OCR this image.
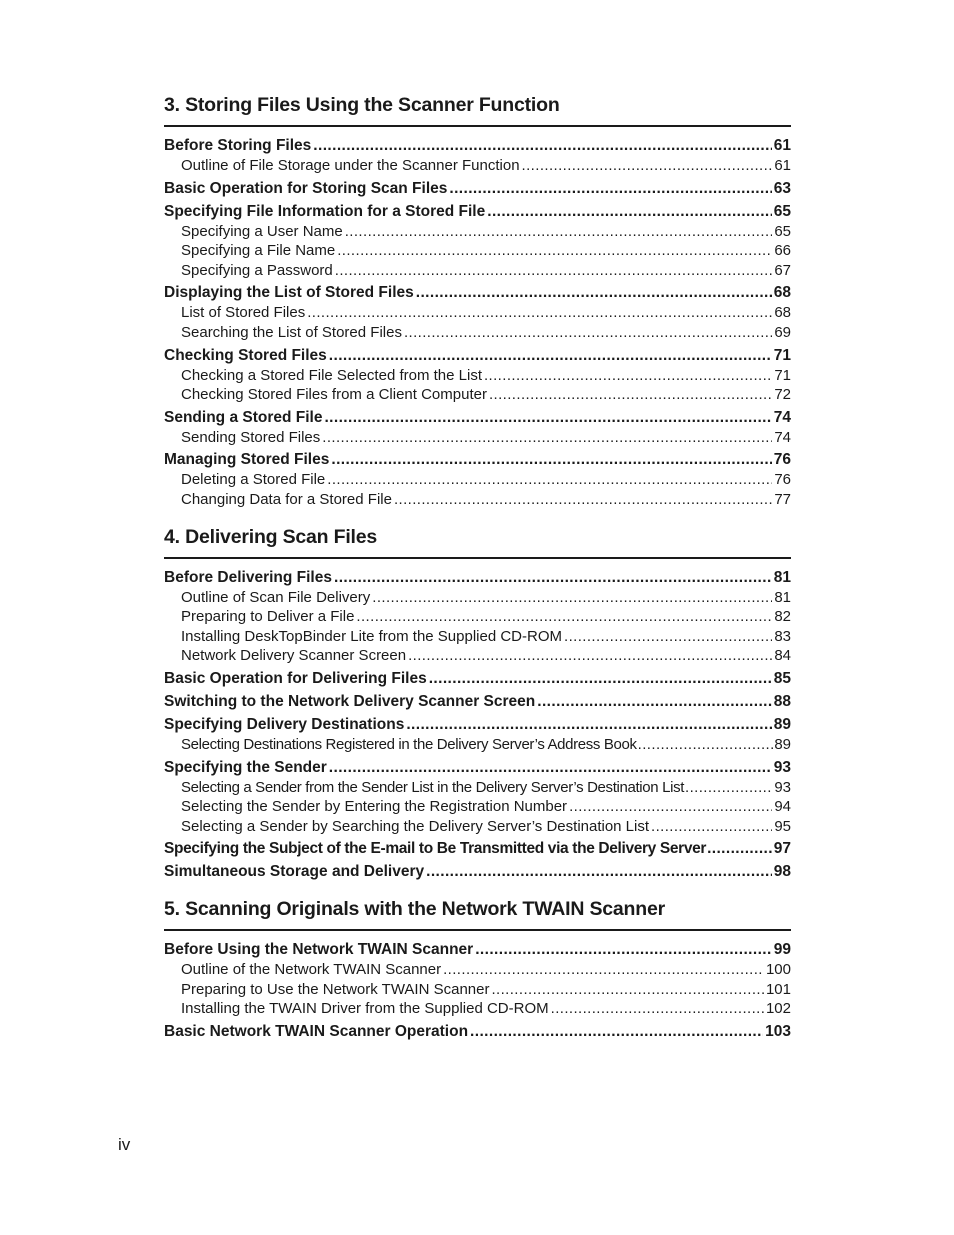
3. Storing Files Using the Scanner Function
Before Storing Files .....	61
Outline of File Storage under the Scanner Function .....	61
Basic Operation for Storing Scan Files .....	63
Specifying File Information for a Stored File .....	65
Specifying a User Name .....	65
Specifying a File Name .....	66
Specifying a Password .....	67
Displaying the List of Stored Files .....	68
List of Stored Files .....	68
Searching the List of Stored Files .....	69
Checking Stored Files .....	71
Checking a Stored File Selected from the List .....	71
Checking Stored Files from a Client Computer .....	72
Sending a Stored File .....	74
Sending Stored Files .....	74
Managing Stored Files .....	76
Deleting a Stored File .....	76
Changing Data for a Stored File .....	77
4. Delivering Scan Files
Before Delivering Files .....	81
Outline of Scan File Delivery .....	81
Preparing to Deliver a File .....	82
Installing DeskTopBinder Lite from the Supplied CD-ROM .....	83
Network Delivery Scanner Screen .....	84
Basic Operation for Delivering Files .....	85
Switching to the Network Delivery Scanner Screen .....	88
Specifying Delivery Destinations .....	89
Selecting Destinations Registered in the Delivery Server’s Address Book .....	89
Specifying the Sender .....	93
Selecting a Sender from the Sender List in the Delivery Server’s Destination List .....	93
Selecting the Sender by Entering the Registration Number .....	94
Selecting a Sender by Searching the Delivery Server’s Destination List .....	95
Specifying the Subject of the E-mail to Be Transmitted via the Delivery Server .....	97
Simultaneous Storage and Delivery .....	98
5. Scanning Originals with the Network TWAIN Scanner
Before Using the Network TWAIN Scanner .....	99
Outline of the Network TWAIN Scanner .....	100
Preparing to Use the Network TWAIN Scanner .....	101
Installing the TWAIN Driver from the Supplied CD-ROM .....	102
Basic Network TWAIN Scanner Operation .....	103
iv
